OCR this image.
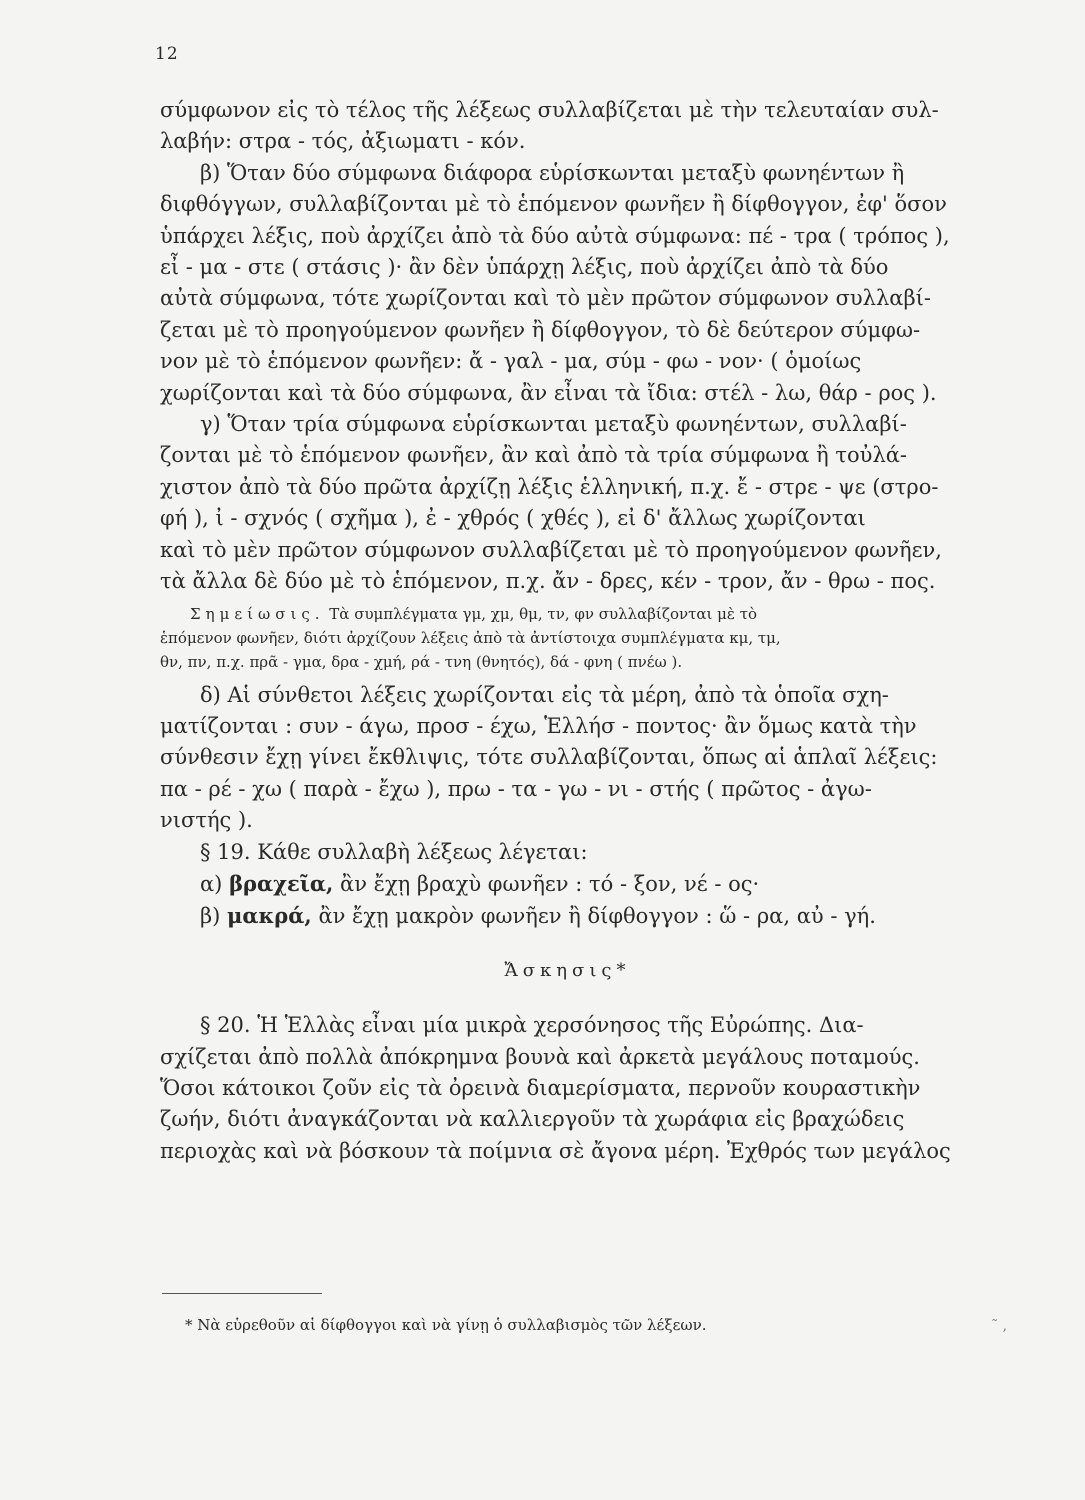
12
σύμφωνον εἰς τὸ τέλος τῆς λέξεως συλλαβίζεται μὲ τὴν τελευταίαν συλ-
λαβήν: στρα - τός, ἀξιωματι - κόν.
β) Ὅταν δύο σύμφωνα διάφορα εὑρίσκωνται μεταξὺ φωνηέντων ἢ
διφθόγγων, συλλαβίζονται μὲ τὸ ἑπόμενον φωνῆεν ἢ δίφθογγον, ἐφ' ὅσον
ὑπάρχει λέξις, ποὺ ἀρχίζει ἀπὸ τὰ δύο αὐτὰ σύμφωνα: πέ - τρα ( τρόπος ),
εἶ - μα - στε ( στάσις )· ἂν δὲν ὑπάρχῃ λέξις, ποὺ ἀρχίζει ἀπὸ τὰ δύο
αὐτὰ σύμφωνα, τότε χωρίζονται καὶ τὸ μὲν πρῶτον σύμφωνον συλλαβί-
ζεται μὲ τὸ προηγούμενον φωνῆεν ἢ δίφθογγον, τὸ δὲ δεύτερον σύμφω-
νον μὲ τὸ ἑπόμενον φωνῆεν: ἄ - γαλ - μα, σύμ - φω - νον· ( ὁμοίως
χωρίζονται καὶ τὰ δύο σύμφωνα, ἂν εἶναι τὰ ἴδια: στέλ - λω, θάρ - ρος ).
γ) Ὅταν τρία σύμφωνα εὑρίσκωνται μεταξὺ φωνηέντων, συλλαβί-
ζονται μὲ τὸ ἑπόμενον φωνῆεν, ἂν καὶ ἀπὸ τὰ τρία σύμφωνα ἢ τοὐλά-
χιστον ἀπὸ τὰ δύο πρῶτα ἀρχίζῃ λέξις ἑλληνική, π.χ. ἔ - στρε - ψε (στρο-
φή ), ἰ - σχνός ( σχῆμα ), ἐ - χθρός ( χθές ), εἰ δ' ἄλλως χωρίζονται
καὶ τὸ μὲν πρῶτον σύμφωνον συλλαβίζεται μὲ τὸ προηγούμενον φωνῆεν,
τὰ ἄλλα δὲ δύο μὲ τὸ ἑπόμενον, π.χ. ἄν - δρες, κέν - τρον, ἄν - θρω - πος.
Σημείωσις. Τὰ συμπλέγματα γμ, χμ, θμ, τν, φν συλλαβίζονται μὲ τὸ
ἑπόμενον φωνῆεν, διότι ἀρχίζουν λέξεις ἀπὸ τὰ ἀντίστοιχα συμπλέγματα κμ, τμ,
θν, πν, π.χ. πρᾶ - γμα, δρα - χμή, ρά - τνη (θνητός), δά - φνη ( πνέω ).
δ) Αἱ σύνθετοι λέξεις χωρίζονται εἰς τὰ μέρη, ἀπὸ τὰ ὁποῖα σχη-
ματίζονται : συν - άγω, προσ - έχω, Ἑλλήσ - ποντος· ἂν ὅμως κατὰ τὴν
σύνθεσιν ἔχῃ γίνει ἔκθλιψις, τότε συλλαβίζονται, ὅπως αἱ ἁπλαῖ λέξεις:
πα - ρέ - χω ( παρὰ - ἔχω ), πρω - τα - γω - νι - στής ( πρῶτος - ἀγω-
νιστής ).
§ 19. Κάθε συλλαβὴ λέξεως λέγεται:
α) βραχεῖα, ἂν ἔχῃ βραχὺ φωνῆεν : τό - ξον, νέ - ος·
β) μακρά, ἂν ἔχῃ μακρὸν φωνῆεν ἢ δίφθογγον : ὥ - ρα, αὐ - γή.
Ἄσκησις*
§ 20. Ἡ Ἑλλὰς εἶναι μία μικρὰ χερσόνησος τῆς Εὐρώπης. Δια-
σχίζεται ἀπὸ πολλὰ ἀπόκρημνα βουνὰ καὶ ἀρκετὰ μεγάλους ποταμούς.
Ὅσοι κάτοικοι ζοῦν εἰς τὰ ὀρεινὰ διαμερίσματα, περνοῦν κουραστικὴν
ζωήν, διότι ἀναγκάζονται νὰ καλλιεργοῦν τὰ χωράφια εἰς βραχώδεις
περιοχὰς καὶ νὰ βόσκουν τὰ ποίμνια σὲ ἄγονα μέρη. Ἐχθρός των μεγάλος
* Νὰ εὑρεθοῦν αἱ δίφθογγοι καὶ νὰ γίνῃ ὁ συλλαβισμὸς τῶν λέξεων.	˜ ‚
